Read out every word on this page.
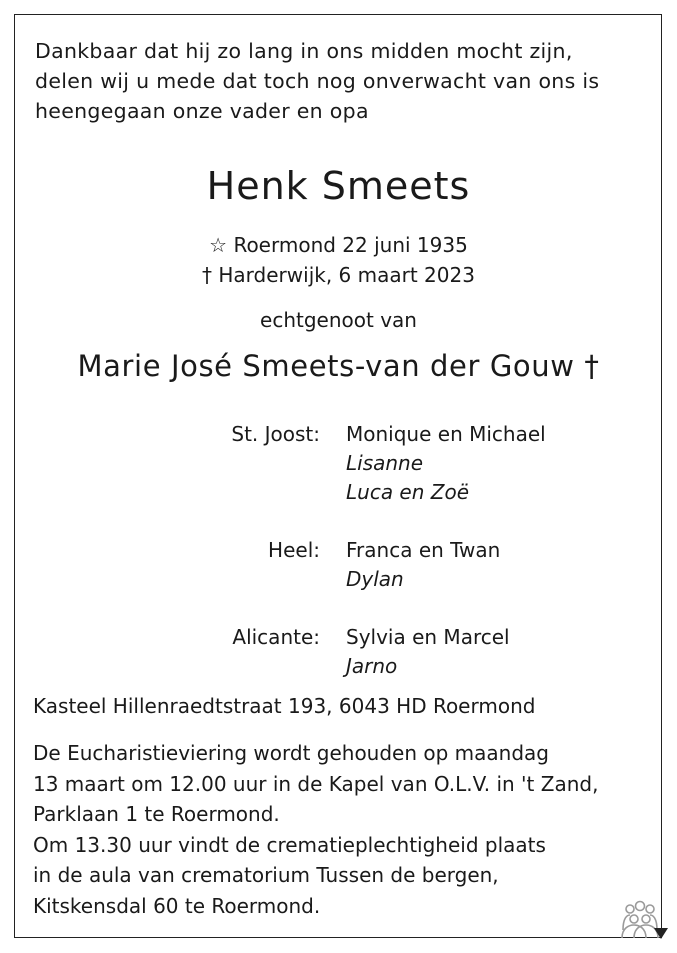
Dankbaar dat hij zo lang in ons midden mocht zijn,
delen wij u mede dat toch nog onverwacht van ons is
heengegaan onze vader en opa
Henk Smeets
☆ Roermond 22 juni 1935
† Harderwijk, 6 maart 2023
echtgenoot van
Marie José Smeets-van der Gouw †
St. Joost: Monique en Michael
Lisanne
Luca en Zoë
Heel: Franca en Twan
Dylan
Alicante: Sylvia en Marcel
Jarno
Kasteel Hillenraedtstraat 193, 6043 HD Roermond
De Eucharistieviering wordt gehouden op maandag
13 maart om 12.00 uur in de Kapel van O.L.V. in 't Zand,
Parklaan 1 te Roermond.
Om 13.30 uur vindt de crematieplechtigheid plaats
in de aula van crematorium Tussen de bergen,
Kitskensdal 60 te Roermond.
